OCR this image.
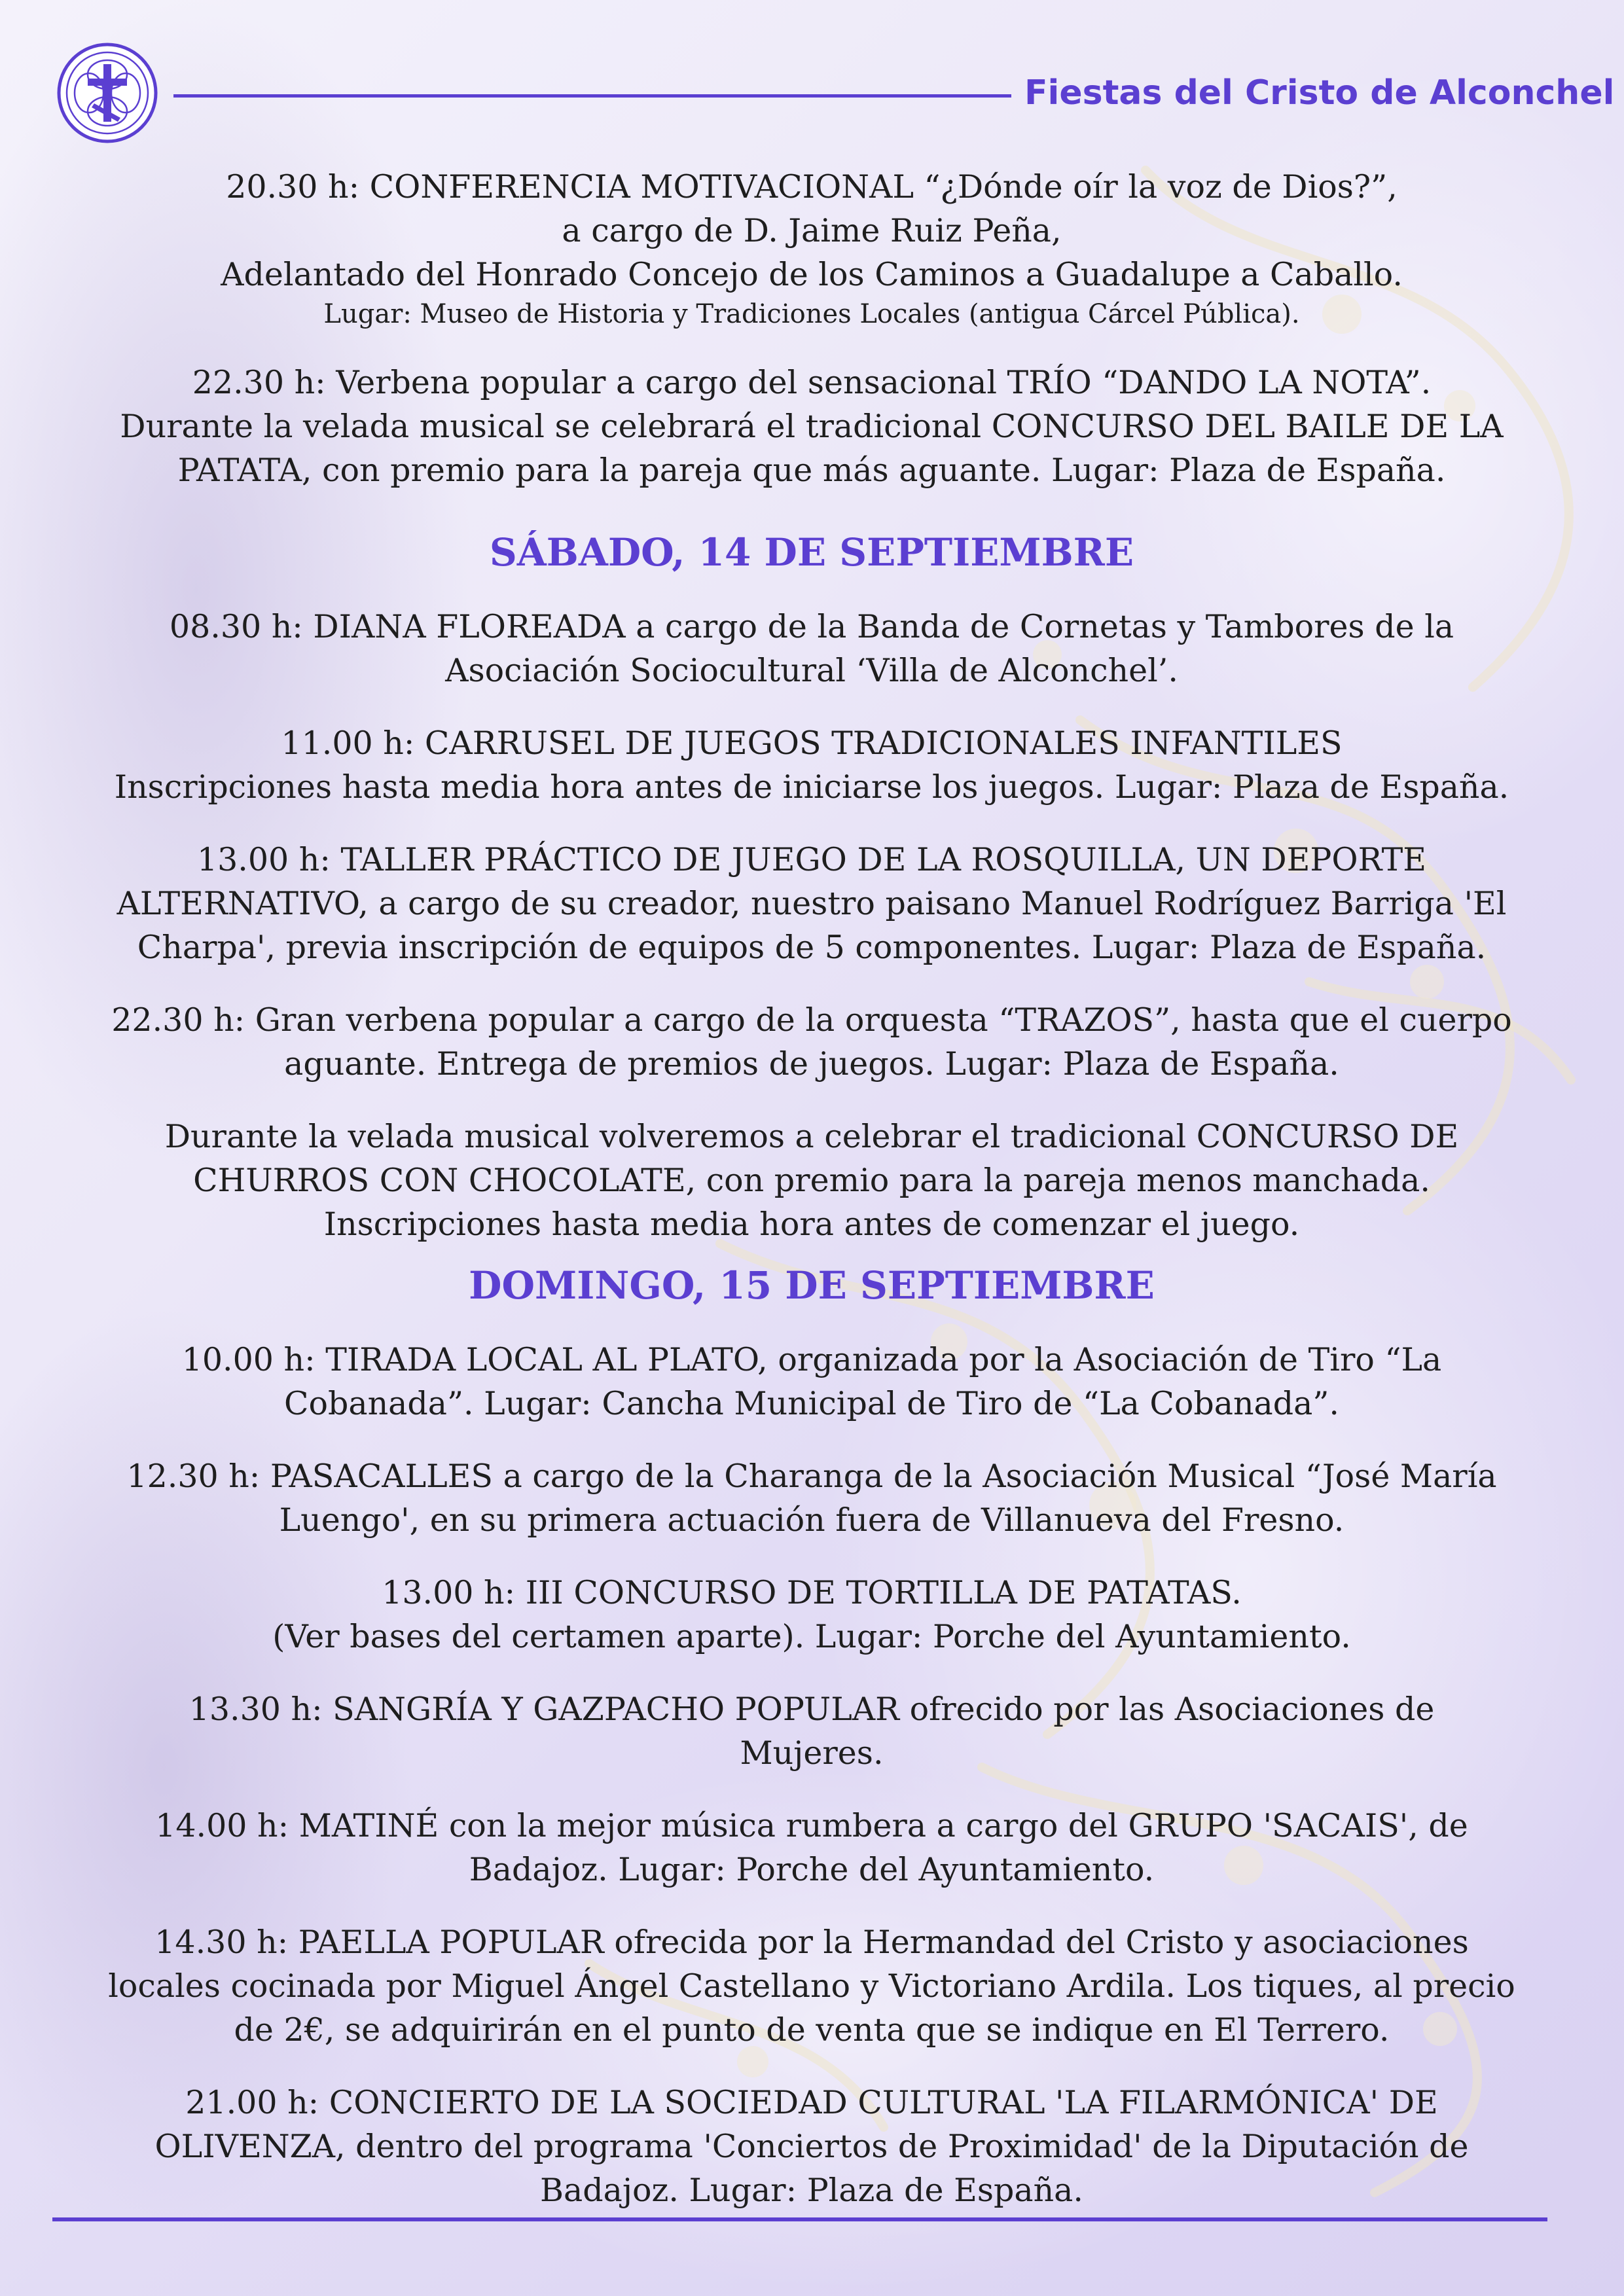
Fiestas del Cristo de Alconchel

20.30 h: CONFERENCIA MOTIVACIONAL “¿Dónde oír la voz de Dios?”,
a cargo de D. Jaime Ruiz Peña,
Adelantado del Honrado Concejo de los Caminos a Guadalupe a Caballo.
Lugar: Museo de Historia y Tradiciones Locales (antigua Cárcel Pública).

22.30 h: Verbena popular a cargo del sensacional TRÍO “DANDO LA NOTA”.
Durante la velada musical se celebrará el tradicional CONCURSO DEL BAILE DE LA
PATATA, con premio para la pareja que más aguante. Lugar: Plaza de España.

SÁBADO, 14 DE SEPTIEMBRE

08.30 h: DIANA FLOREADA a cargo de la Banda de Cornetas y Tambores de la
Asociación Sociocultural ‘Villa de Alconchel’.

11.00 h: CARRUSEL DE JUEGOS TRADICIONALES INFANTILES
Inscripciones hasta media hora antes de iniciarse los juegos. Lugar: Plaza de España.

13.00 h: TALLER PRÁCTICO DE JUEGO DE LA ROSQUILLA, UN DEPORTE
ALTERNATIVO, a cargo de su creador, nuestro paisano Manuel Rodríguez Barriga 'El
Charpa', previa inscripción de equipos de 5 componentes. Lugar: Plaza de España.

22.30 h: Gran verbena popular a cargo de la orquesta “TRAZOS”, hasta que el cuerpo
aguante. Entrega de premios de juegos. Lugar: Plaza de España.

Durante la velada musical volveremos a celebrar el tradicional CONCURSO DE
CHURROS CON CHOCOLATE, con premio para la pareja menos manchada.
Inscripciones hasta media hora antes de comenzar el juego.

DOMINGO, 15 DE SEPTIEMBRE

10.00 h: TIRADA LOCAL AL PLATO, organizada por la Asociación de Tiro “La
Cobanada”. Lugar: Cancha Municipal de Tiro de “La Cobanada”.

12.30 h: PASACALLES a cargo de la Charanga de la Asociación Musical “José María
Luengo', en su primera actuación fuera de Villanueva del Fresno.

13.00 h: III CONCURSO DE TORTILLA DE PATATAS.
(Ver bases del certamen aparte). Lugar: Porche del Ayuntamiento.

13.30 h: SANGRÍA Y GAZPACHO POPULAR ofrecido por las Asociaciones de
Mujeres.

14.00 h: MATINÉ con la mejor música rumbera a cargo del GRUPO 'SACAIS', de
Badajoz. Lugar: Porche del Ayuntamiento.

14.30 h: PAELLA POPULAR ofrecida por la Hermandad del Cristo y asociaciones
locales cocinada por Miguel Ángel Castellano y Victoriano Ardila. Los tiques, al precio
de 2€, se adquirirán en el punto de venta que se indique en El Terrero.

21.00 h: CONCIERTO DE LA SOCIEDAD CULTURAL 'LA FILARMÓNICA' DE
OLIVENZA, dentro del programa 'Conciertos de Proximidad' de la Diputación de
Badajoz. Lugar: Plaza de España.
